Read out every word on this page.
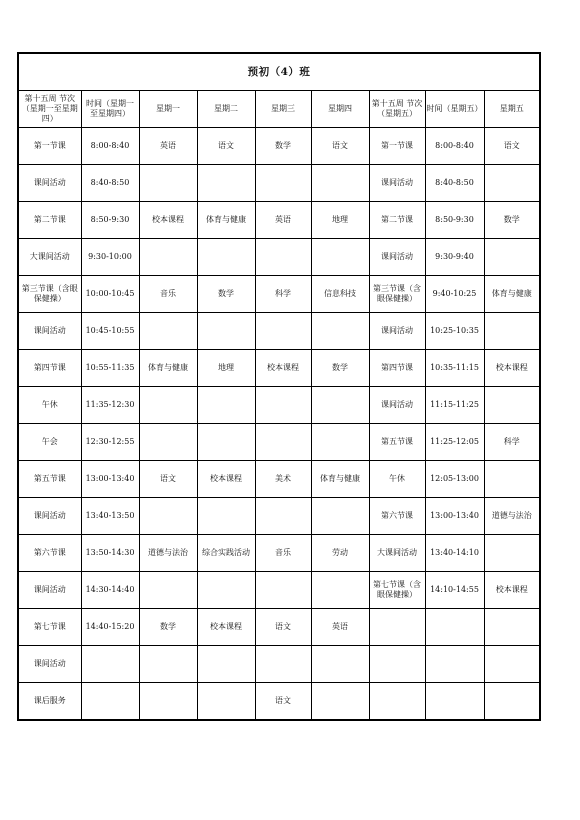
预初（4）班								
第十五周 节次（星期一至星期四）	时间（星期一至星期四）	星期一	星期二	星期三	星期四	第十五周 节次 （星期五）	时间（星期五）	星期五
第一节课	8:00-8:40	英语	语文	数学	语文	第一节课	8:00-8:40	语文
课间活动	8:40-8:50					课间活动	8:40-8:50	
第二节课	8:50-9:30	校本课程	体育与健康	英语	地理	第二节课	8:50-9:30	数学
大课间活动	9:30-10:00					课间活动	9:30-9:40	
第三节课（含眼保健操）	10:00-10:45	音乐	数学	科学	信息科技	第三节课（含眼保健操）	9:40-10:25	体育与健康
课间活动	10:45-10:55					课间活动	10:25-10:35	
第四节课	10:55-11:35	体育与健康	地理	校本课程	数学	第四节课	10:35-11:15	校本课程
午休	11:35-12:30					课间活动	11:15-11:25	
午会	12:30-12:55					第五节课	11:25-12:05	科学
第五节课	13:00-13:40	语文	校本课程	美术	体育与健康	午休	12:05-13:00	
课间活动	13:40-13:50					第六节课	13:00-13:40	道德与法治
第六节课	13:50-14:30	道德与法治	综合实践活动	音乐	劳动	大课间活动	13:40-14:10	
课间活动	14:30-14:40					第七节课（含眼保健操）	14:10-14:55	校本课程
第七节课	14:40-15:20	数学	校本课程	语文	英语			
课间活动								
课后服务				语文				
